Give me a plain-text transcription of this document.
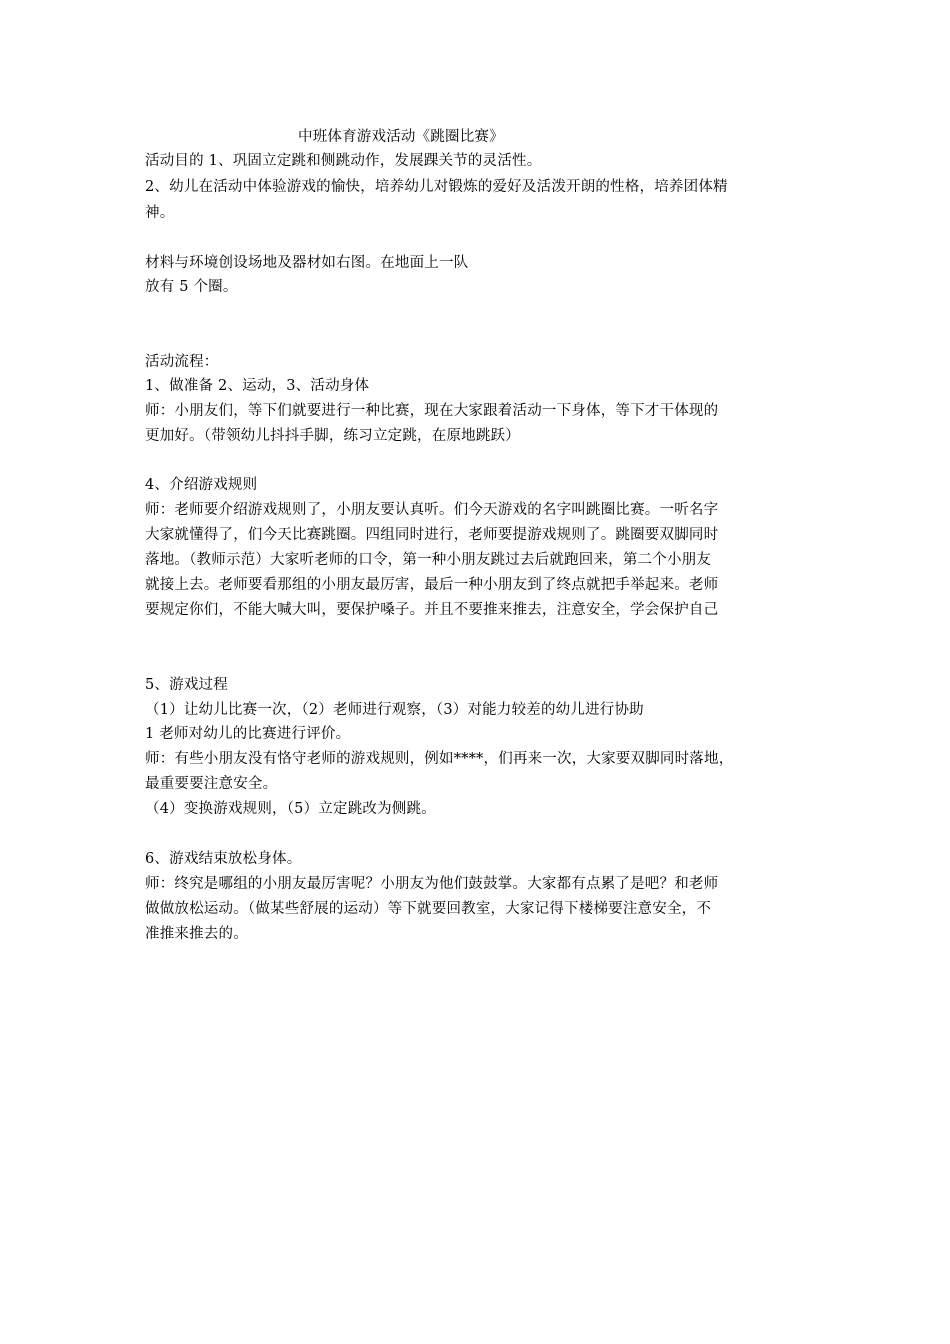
中班体育游戏活动《跳圈比赛》
活动目的 1、巩固立定跳和侧跳动作，发展踝关节的灵活性。
2、幼儿在活动中体验游戏的愉快，培养幼儿对锻炼的爱好及活泼开朗的性格，培养团体精
神。
材料与环境创设场地及器材如右图。在地面上一队
放有 5 个圈。
活动流程：
1、做准备 2、运动，3、活动身体
师：小朋友们，等下们就要进行一种比赛，现在大家跟着活动一下身体，等下才干体现的
更加好。（带领幼儿抖抖手脚，练习立定跳，在原地跳跃）
4、介绍游戏规则
师：老师要介绍游戏规则了，小朋友要认真听。们今天游戏的名字叫跳圈比赛。一听名字
大家就懂得了，们今天比赛跳圈。四组同时进行，老师要提游戏规则了。跳圈要双脚同时
落地。（教师示范）大家听老师的口令，第一种小朋友跳过去后就跑回来，第二个小朋友
就接上去。老师要看那组的小朋友最厉害，最后一种小朋友到了终点就把手举起来。老师
要规定你们，不能大喊大叫，要保护嗓子。并且不要推来推去，注意安全，学会保护自己
5、游戏过程
（1）让幼儿比赛一次，（2）老师进行观察，（3）对能力较差的幼儿进行协助
1 老师对幼儿的比赛进行评价。
师：有些小朋友没有恪守老师的游戏规则，例如****，们再来一次，大家要双脚同时落地，
最重要要注意安全。
（4）变换游戏规则，（5）立定跳改为侧跳。
6、游戏结束放松身体。
师：终究是哪组的小朋友最厉害呢？小朋友为他们鼓鼓掌。大家都有点累了是吧？和老师
做做放松运动。（做某些舒展的运动）等下就要回教室，大家记得下楼梯要注意安全，不
准推来推去的。
